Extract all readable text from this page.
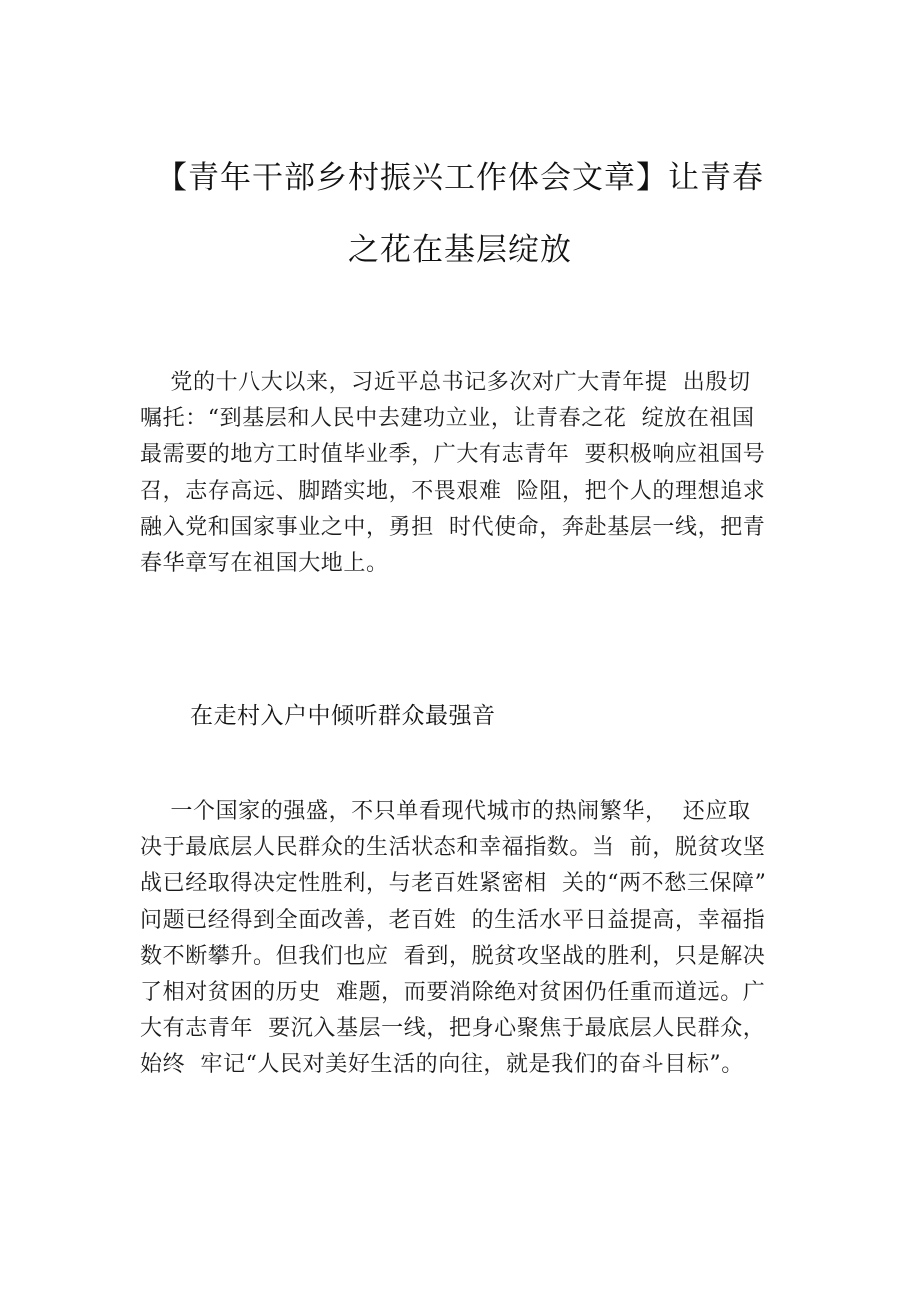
【青年干部乡村振兴工作体会文章】让青春
之花在基层绽放
党的十八大以来，习近平总书记多次对广大青年提  出殷切
嘱托：“到基层和人民中去建功立业，让青春之花  绽放在祖国
最需要的地方工时值毕业季，广大有志青年  要积极响应祖国号
召，志存高远、脚踏实地，不畏艰难  险阻，把个人的理想追求
融入党和国家事业之中，勇担  时代使命，奔赴基层一线，把青
春华章写在祖国大地上。
在走村入户中倾听群众最强音
一个国家的强盛，不只单看现代城市的热闹繁华，  还应取
决于最底层人民群众的生活状态和幸福指数。当  前，脱贫攻坚
战已经取得决定性胜利，与老百姓紧密相  关的“两不愁三保障”
问题已经得到全面改善，老百姓  的生活水平日益提高，幸福指
数不断攀升。但我们也应  看到，脱贫攻坚战的胜利，只是解决
了相对贫困的历史  难题，而要消除绝对贫困仍任重而道远。广
大有志青年  要沉入基层一线，把身心聚焦于最底层人民群众，
始终  牢记“人民对美好生活的向往，就是我们的奋斗目标”。
